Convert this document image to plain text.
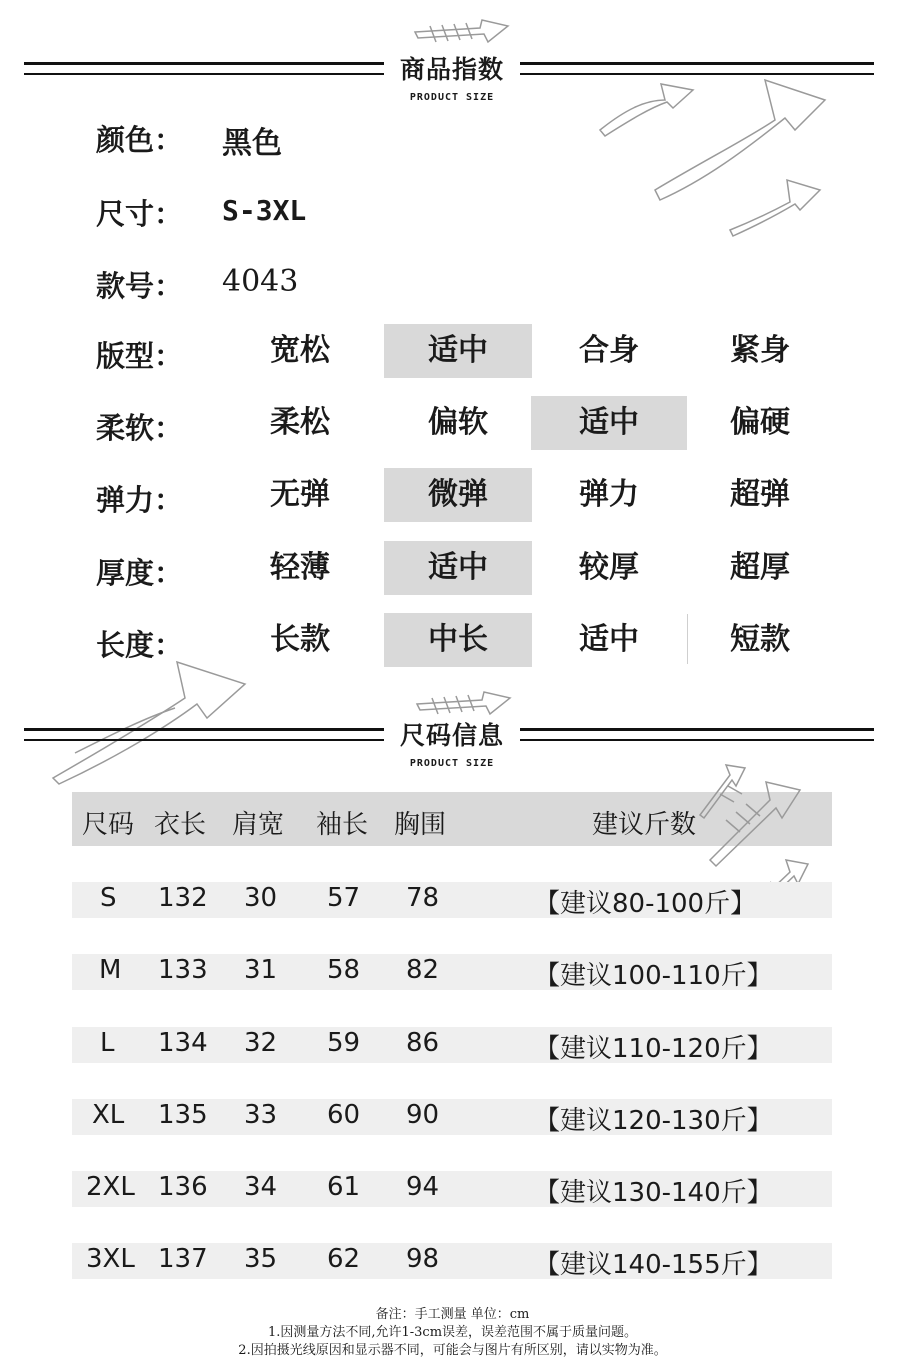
商品指数
PRODUCT SIZE
颜色： 黑色
尺寸： S-3XL
款号： 4043
版型：	宽松	适中	合身	紧身
柔软：	柔松	偏软	适中	偏硬
弹力：	无弹	微弹	弹力	超弹
厚度：	轻薄	适中	较厚	超厚
长度：	长款	中长	适中	短款
尺码信息
PRODUCT SIZE
尺码 衣长 肩宽 袖长 胸围	建议斤数
S 132 30 57 78	【建议80-100斤】
M 133 31 58 82	【建议100-110斤】
L 134 32 59 86	【建议110-120斤】
XL 135 33 60 90	【建议120-130斤】
2XL 136 34 61 94	【建议130-140斤】
3XL 137 35 62 98	【建议140-155斤】
备注：手工测量 单位：cm
1.因测量方法不同,允许1-3cm误差，误差范围不属于质量问题。
2.因拍摄光线原因和显示器不同，可能会与图片有所区别，请以实物为准。
